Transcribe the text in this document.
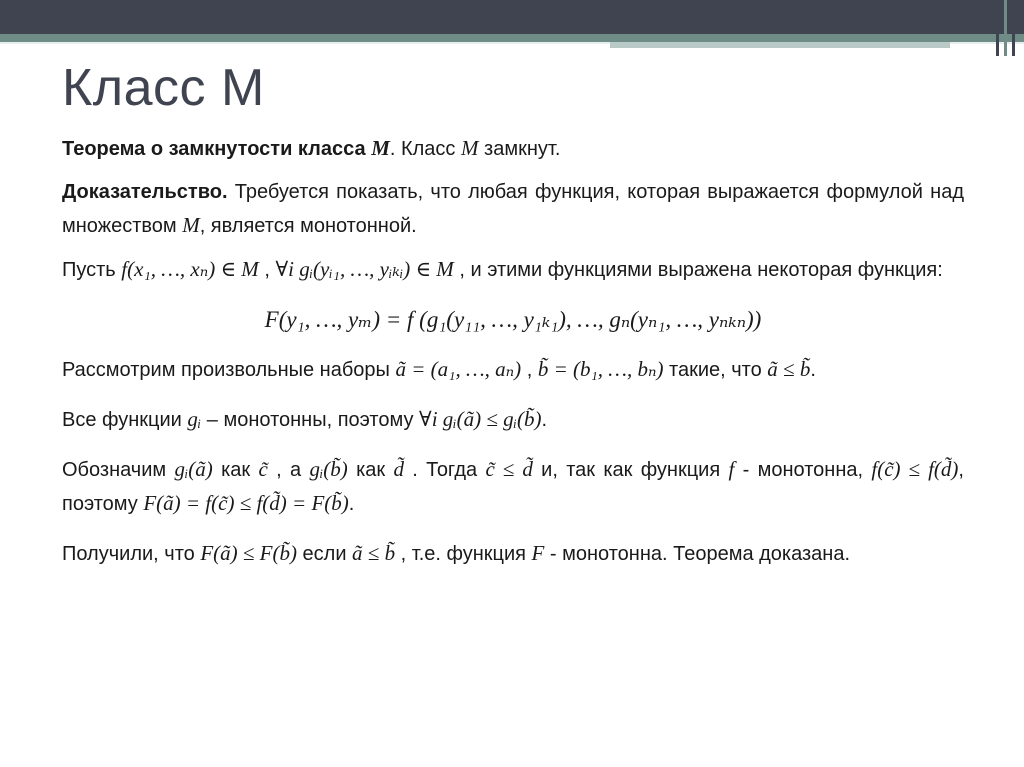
Класс M

Теорема о замкнутости класса M. Класс M замкнут.

Доказательство. Требуется показать, что любая функция, которая выражается формулой над множеством M, является монотонной.

Пусть f(x₁, …, xₙ) ∈ M , ∀i gᵢ(yᵢ₁, …, yᵢₖᵢ) ∈ M , и этими функциями выражена некоторая функция:

F(y₁, …, yₘ) = f (g₁(y₁₁, …, y₁ₖ₁), …, gₙ(yₙ₁, …, yₙₖₙ))

Рассмотрим произвольные наборы ã = (a₁, …, aₙ) , b̃ = (b₁, …, bₙ) такие, что ã ≤ b̃.

Все функции gᵢ – монотонны, поэтому ∀i gᵢ(ã) ≤ gᵢ(b̃).

Обозначим gᵢ(ã) как c̃ , а gᵢ(b̃) как d̃ . Тогда c̃ ≤ d̃ и, так как функция f - монотонна, f(c̃) ≤ f(d̃), поэтому F(ã) = f(c̃) ≤ f(d̃) = F(b̃).

Получили, что F(ã) ≤ F(b̃) если ã ≤ b̃ , т.е. функция F - монотонна. Теорема доказана.
